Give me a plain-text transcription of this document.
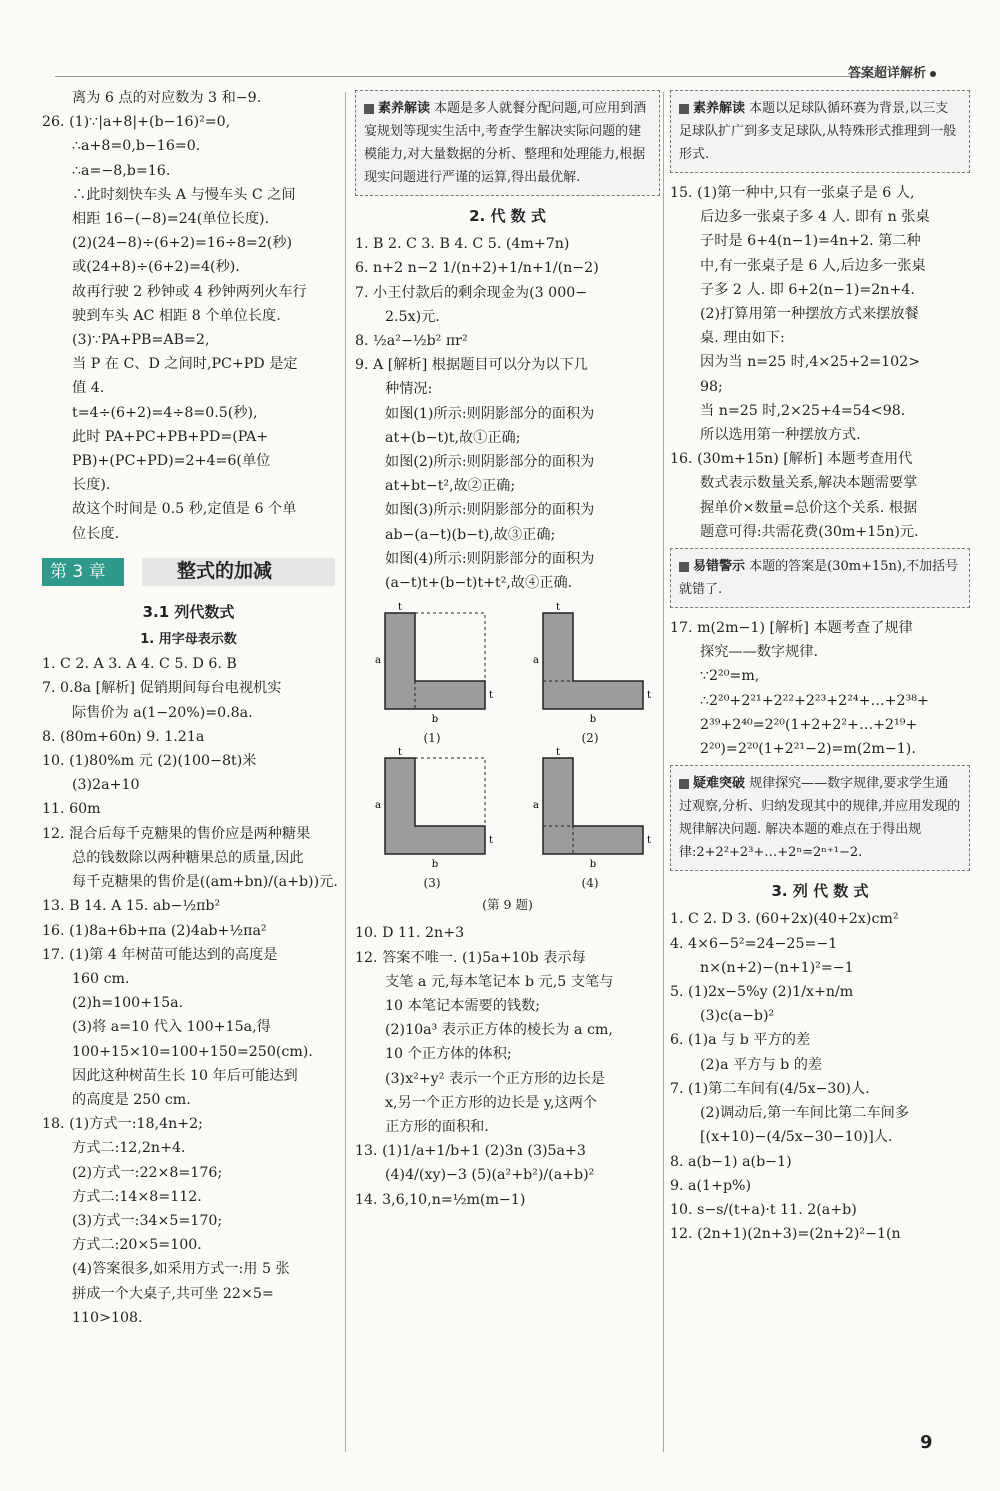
答案超详解析
离为 6 点的对应数为 3 和−9.
26. (1)∵|a+8|+(b−16)²=0,
∴a+8=0,b−16=0.
∴a=−8,b=16.
∴此时刻快车头 A 与慢车头 C 之间
相距 16−(−8)=24(单位长度).
(2)(24−8)÷(6+2)=16÷8=2(秒)
或(24+8)÷(6+2)=4(秒).
故再行驶 2 秒钟或 4 秒钟两列火车行
驶到车头 AC 相距 8 个单位长度.
(3)∵PA+PB=AB=2,
当 P 在 C、D 之间时,PC+PD 是定
值 4.
t=4÷(6+2)=4÷8=0.5(秒),
此时 PA+PC+PB+PD=(PA+
PB)+(PC+PD)=2+4=6(单位
长度).
故这个时间是 0.5 秒,定值是 6 个单
位长度.
第 3 章	整式的加减
3.1 列代数式
1. 用字母表示数
1. C 2. A 3. A 4. C 5. D 6. B
7. 0.8a [解析] 促销期间每台电视机实
际售价为 a(1−20%)=0.8a.
8. (80m+60n) 9. 1.21a
10. (1)80%m 元 (2)(100−8t)米
(3)2a+10
11. 60m
12. 混合后每千克糖果的售价应是两种糖果
总的钱数除以两种糖果总的质量,因此
每千克糖果的售价是((am+bn)/(a+b))元.
13. B 14. A 15. ab−½πb²
16. (1)8a+6b+πa (2)4ab+½πa²
17. (1)第 4 年树苗可能达到的高度是
160 cm.
(2)h=100+15a.
(3)将 a=10 代入 100+15a,得
100+15×10=100+150=250(cm).
因此这种树苗生长 10 年后可能达到
的高度是 250 cm.
18. (1)方式一:18,4n+2;
方式二:12,2n+4.
(2)方式一:22×8=176;
方式二:14×8=112.
(3)方式一:34×5=170;
方式二:20×5=100.
(4)答案很多,如采用方式一:用 5 张
拼成一个大桌子,共可坐 22×5=
110>108.
素养解读 本题是多人就餐分配问题,可应用到酒宴规划等现实生活中,考查学生解决实际问题的建模能力,对大量数据的分析、整理和处理能力,根据现实问题进行严谨的运算,得出最优解.
2. 代 数 式
1. B 2. C 3. B 4. C 5. (4m+7n)
6. n+2 n−2 1/(n+2)+1/n+1/(n−2)
7. 小王付款后的剩余现金为(3 000−
2.5x)元.
8. ½a²−½b² πr²
9. A [解析] 根据题目可以分为以下几
种情况:
如图(1)所示:则阴影部分的面积为
at+(b−t)t,故①正确;
如图(2)所示:则阴影部分的面积为
at+bt−t²,故②正确;
如图(3)所示:则阴影部分的面积为
ab−(a−t)(b−t),故③正确;
如图(4)所示:则阴影部分的面积为
(a−t)t+(b−t)t+t²,故④正确.
t
a
b
t
(1)
t
a
b
t
(2)
t
a
b
t
(3)
t
a
b
t
(4)
(第 9 题)
10. D 11. 2n+3
12. 答案不唯一. (1)5a+10b 表示每
支笔 a 元,每本笔记本 b 元,5 支笔与
10 本笔记本需要的钱数;
(2)10a³ 表示正方体的棱长为 a cm,
10 个正方体的体积;
(3)x²+y² 表示一个正方形的边长是
x,另一个正方形的边长是 y,这两个
正方形的面积和.
13. (1)1/a+1/b+1 (2)3n (3)5a+3
(4)4/(xy)−3 (5)(a²+b²)/(a+b)²
14. 3,6,10,n=½m(m−1)
素养解读 本题以足球队循环赛为背景,以三支足球队扩广到多支足球队,从特殊形式推理到一般形式.
15. (1)第一种中,只有一张桌子是 6 人,
后边多一张桌子多 4 人. 即有 n 张桌
子时是 6+4(n−1)=4n+2. 第二种
中,有一张桌子是 6 人,后边多一张桌
子多 2 人. 即 6+2(n−1)=2n+4.
(2)打算用第一种摆放方式来摆放餐
桌. 理由如下:
因为当 n=25 时,4×25+2=102>
98;
当 n=25 时,2×25+4=54<98.
所以选用第一种摆放方式.
16. (30m+15n) [解析] 本题考查用代
数式表示数量关系,解决本题需要掌
握单价×数量=总价这个关系. 根据
题意可得:共需花费(30m+15n)元.
易错警示 本题的答案是(30m+15n),不加括号就错了.
17. m(2m−1) [解析] 本题考查了规律
探究——数字规律.
∵2²⁰=m,
∴2²⁰+2²¹+2²²+2²³+2²⁴+…+2³⁸+
2³⁹+2⁴⁰=2²⁰(1+2+2²+…+2¹⁹+
2²⁰)=2²⁰(1+2²¹−2)=m(2m−1).
疑难突破 规律探究——数字规律,要求学生通过观察,分析、归纳发现其中的规律,并应用发现的规律解决问题. 解决本题的难点在于得出规律:2+2²+2³+…+2ⁿ=2ⁿ⁺¹−2.
3. 列 代 数 式
1. C 2. D 3. (60+2x)(40+2x)cm²
4. 4×6−5²=24−25=−1
n×(n+2)−(n+1)²=−1
5. (1)2x−5%y (2)1/x+n/m
(3)c(a−b)²
6. (1)a 与 b 平方的差
(2)a 平方与 b 的差
7. (1)第二车间有(4/5x−30)人.
(2)调动后,第一车间比第二车间多
[(x+10)−(4/5x−30−10)]人.
8. a(b−1) a(b−1)
9. a(1+p%)
10. s−s/(t+a)·t 11. 2(a+b)
12. (2n+1)(2n+3)=(2n+2)²−1(n
9
